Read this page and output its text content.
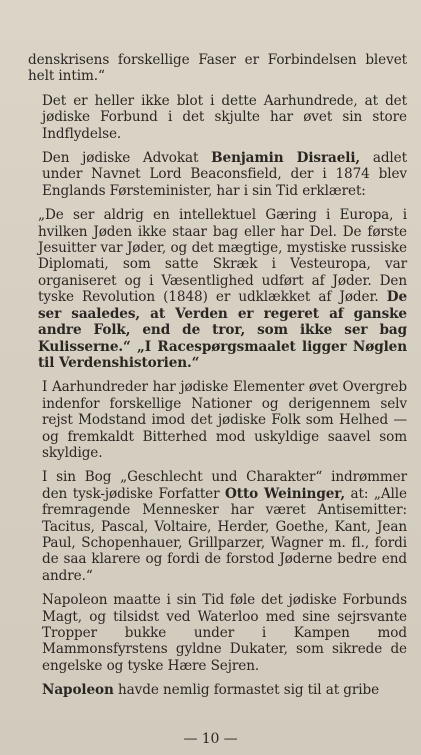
denskrisens forskellige Faser er Forbindelsen blevet helt intim.“

Det er heller ikke blot i dette Aarhundrede, at det jødiske Forbund i det skjulte har øvet sin store Indflydelse.

Den jødiske Advokat Benjamin Disraeli, adlet under Navnet Lord Beaconsfield, der i 1874 blev Englands Førsteminister, har i sin Tid erklæret:

„De ser aldrig en intellektuel Gæring i Europa, i hvilken Jøden ikke staar bag eller har Del. De første Jesuitter var Jøder, og det mægtige, mystiske russiske Diplomati, som satte Skræk i Vesteuropa, var organiseret og i Væsentlighed udført af Jøder. Den tyske Revolution (1848) er udklækket af Jøder. De ser saaledes, at Verden er regeret af ganske andre Folk, end de tror, som ikke ser bag Kulisserne.“ „I Racespørgsmaalet ligger Nøglen til Verdenshistorien.“

I Aarhundreder har jødiske Elementer øvet Overgreb indenfor forskellige Nationer og derigennem selv rejst Modstand imod det jødiske Folk som Helhed — og fremkaldt Bitterhed mod uskyldige saavel som skyldige.

I sin Bog „Geschlecht und Charakter“ indrømmer den tysk-jødiske Forfatter Otto Weininger, at: „Alle fremragende Mennesker har været Antisemitter: Tacitus, Pascal, Voltaire, Herder, Goethe, Kant, Jean Paul, Schopenhauer, Grillparzer, Wagner m. fl., fordi de saa klarere og fordi de forstod Jøderne bedre end andre.“

Napoleon maatte i sin Tid føle det jødiske Forbunds Magt, og tilsidst ved Waterloo med sine sejrsvante Tropper bukke under i Kampen mod Mammonsfyrstens gyldne Dukater, som sikrede de engelske og tyske Hære Sejren.

Napoleon havde nemlig formastet sig til at gribe

— 10 —
